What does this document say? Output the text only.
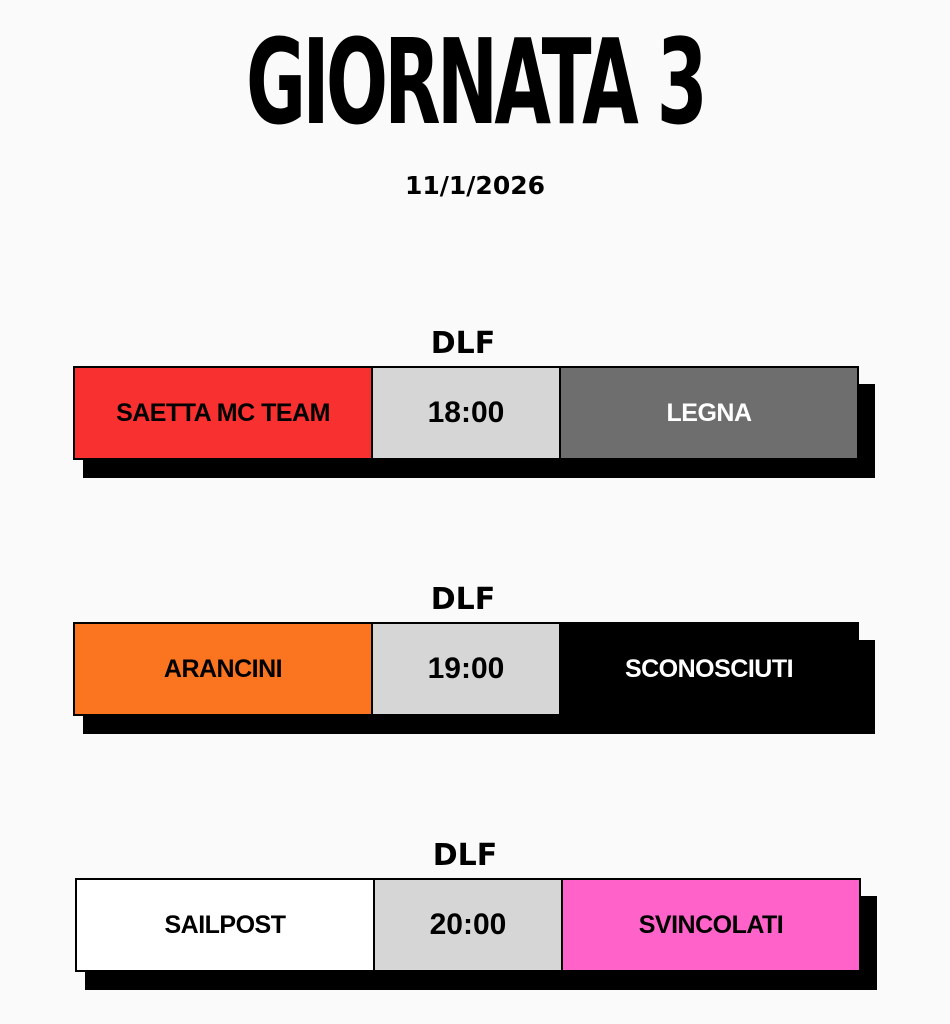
GIORNATA 3
11/1/2026
DLF
SAETTA MC TEAM	18:00	LEGNA
DLF
ARANCINI	19:00	SCONOSCIUTI
DLF
SAILPOST	20:00	SVINCOLATI
